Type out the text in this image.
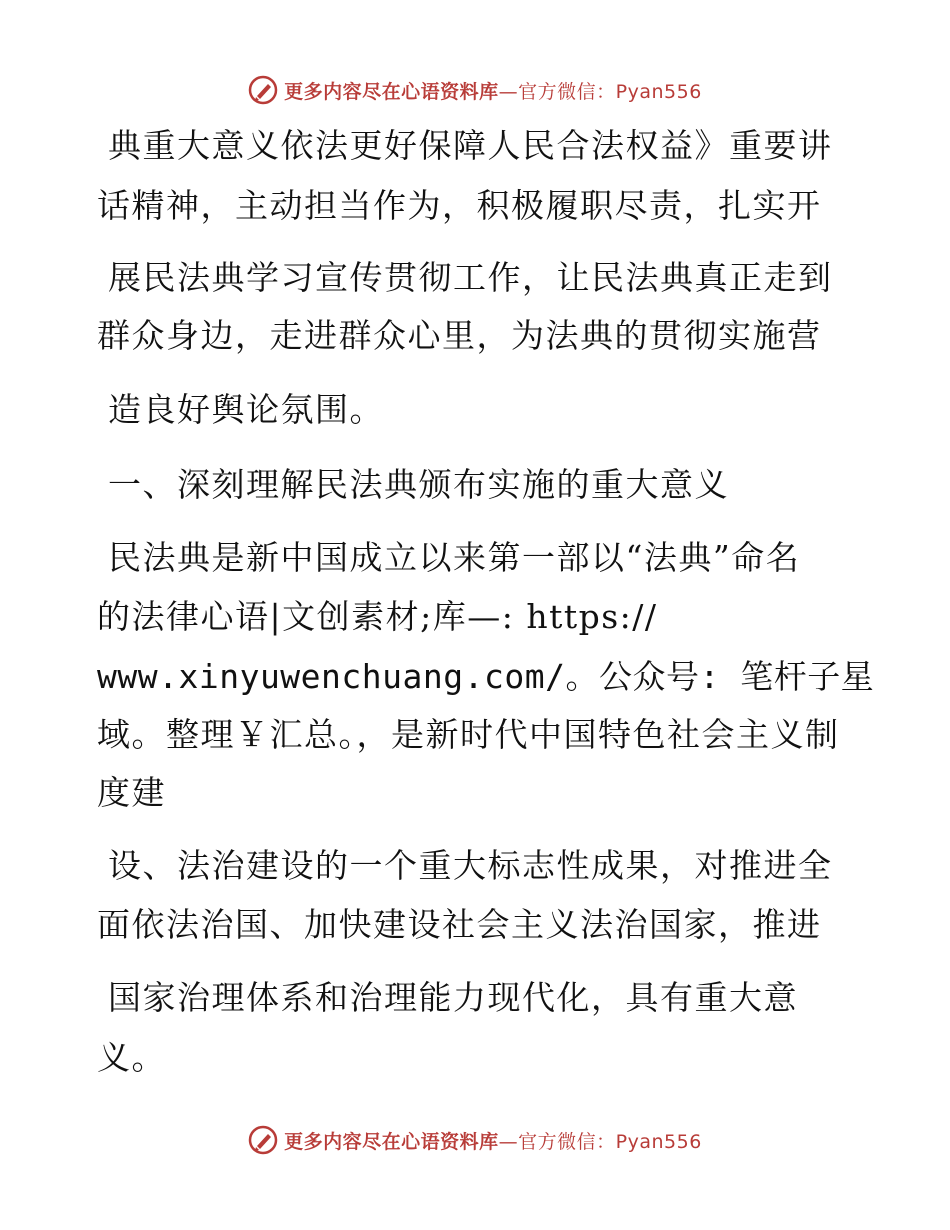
更多内容尽在心语资料库—官方微信：Pyan556
典重大意义依法更好保障人民合法权益》重要讲
话精神，主动担当作为，积极履职尽责，扎实开
展民法典学习宣传贯彻工作，让民法典真正走到
群众身边，走进群众心里，为法典的贯彻实施营
造良好舆论氛围。
一、深刻理解民法典颁布实施的重大意义
民法典是新中国成立以来第一部以“法典”命名
的法律心语|文创素材;库—: https://
www.xinyuwenchuang.com/。公众号: 笔杆子星
域。整理￥汇总。，是新时代中国特色社会主义制
度建
设、法治建设的一个重大标志性成果，对推进全
面依法治国、加快建设社会主义法治国家，推进
国家治理体系和治理能力现代化，具有重大意
义。
更多内容尽在心语资料库—官方微信：Pyan556
